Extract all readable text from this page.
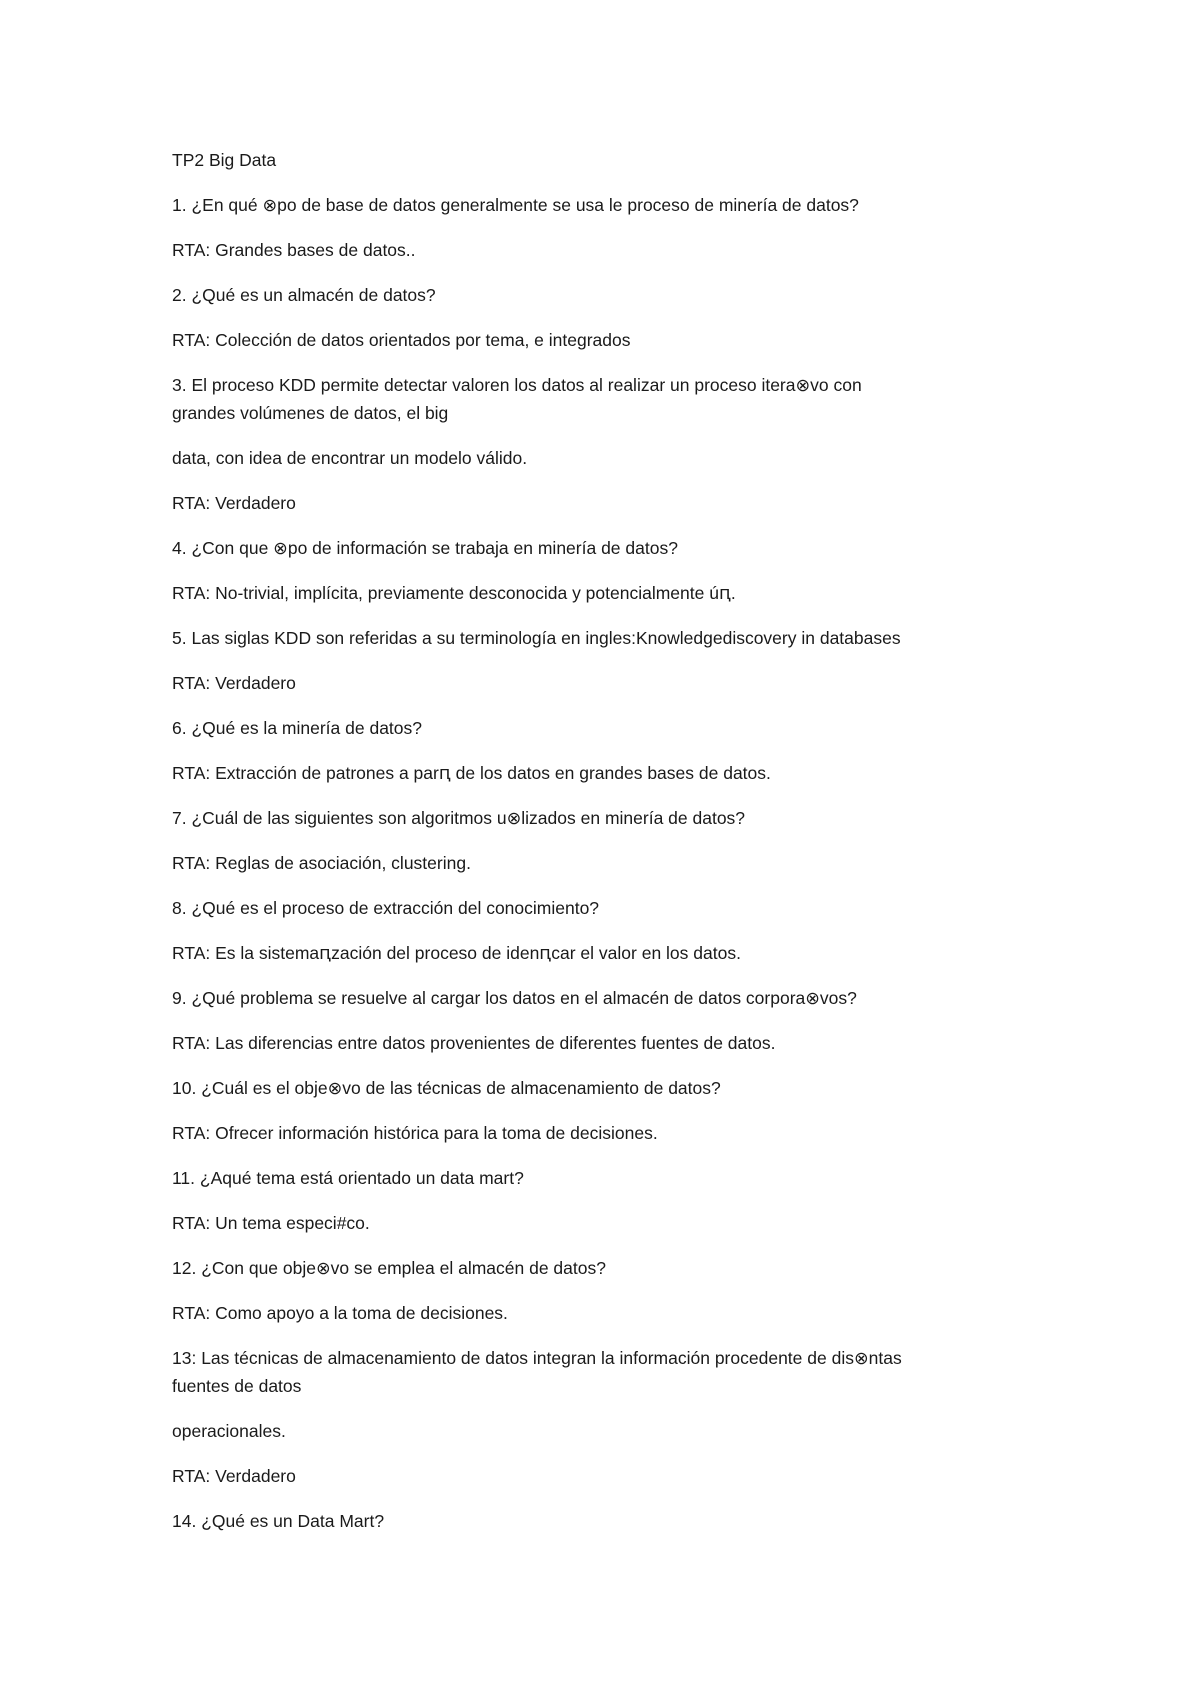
TP2 Big Data

1. ¿En qué ⊗po de base de datos generalmente se usa le proceso de minería de datos?

RTA: Grandes bases de datos..

2. ¿Qué es un almacén de datos?

RTA: Colección de datos orientados por tema, e integrados

3. El proceso KDD permite detectar valoren los datos al realizar un proceso itera⊗vo con
grandes volúmenes de datos, el big

data, con idea de encontrar un modelo válido.

RTA: Verdadero

4. ¿Con que ⊗po de información se trabaja en minería de datos?

RTA: No-trivial, implícita, previamente desconocida y potencialmente úԥ.

5. Las siglas KDD son referidas a su terminología en ingles:Knowledgediscovery in databases

RTA: Verdadero

6. ¿Qué es la minería de datos?

RTA: Extracción de patrones a parԥ de los datos en grandes bases de datos.

7. ¿Cuál de las siguientes son algoritmos u⊗lizados en minería de datos?

RTA: Reglas de asociación, clustering.

8. ¿Qué es el proceso de extracción del conocimiento?

RTA: Es la sistemaԥzación del proceso de idenԥcar el valor en los datos.

9. ¿Qué problema se resuelve al cargar los datos en el almacén de datos corpora⊗vos?

RTA: Las diferencias entre datos provenientes de diferentes fuentes de datos.

10. ¿Cuál es el obje⊗vo de las técnicas de almacenamiento de datos?

RTA: Ofrecer información histórica para la toma de decisiones.

11. ¿Aqué tema está orientado un data mart?

RTA: Un tema especi#co.

12. ¿Con que obje⊗vo se emplea el almacén de datos?

RTA: Como apoyo a la toma de decisiones.

13: Las técnicas de almacenamiento de datos integran la información procedente de dis⊗ntas
fuentes de datos

operacionales.

RTA: Verdadero

14. ¿Qué es un Data Mart?
